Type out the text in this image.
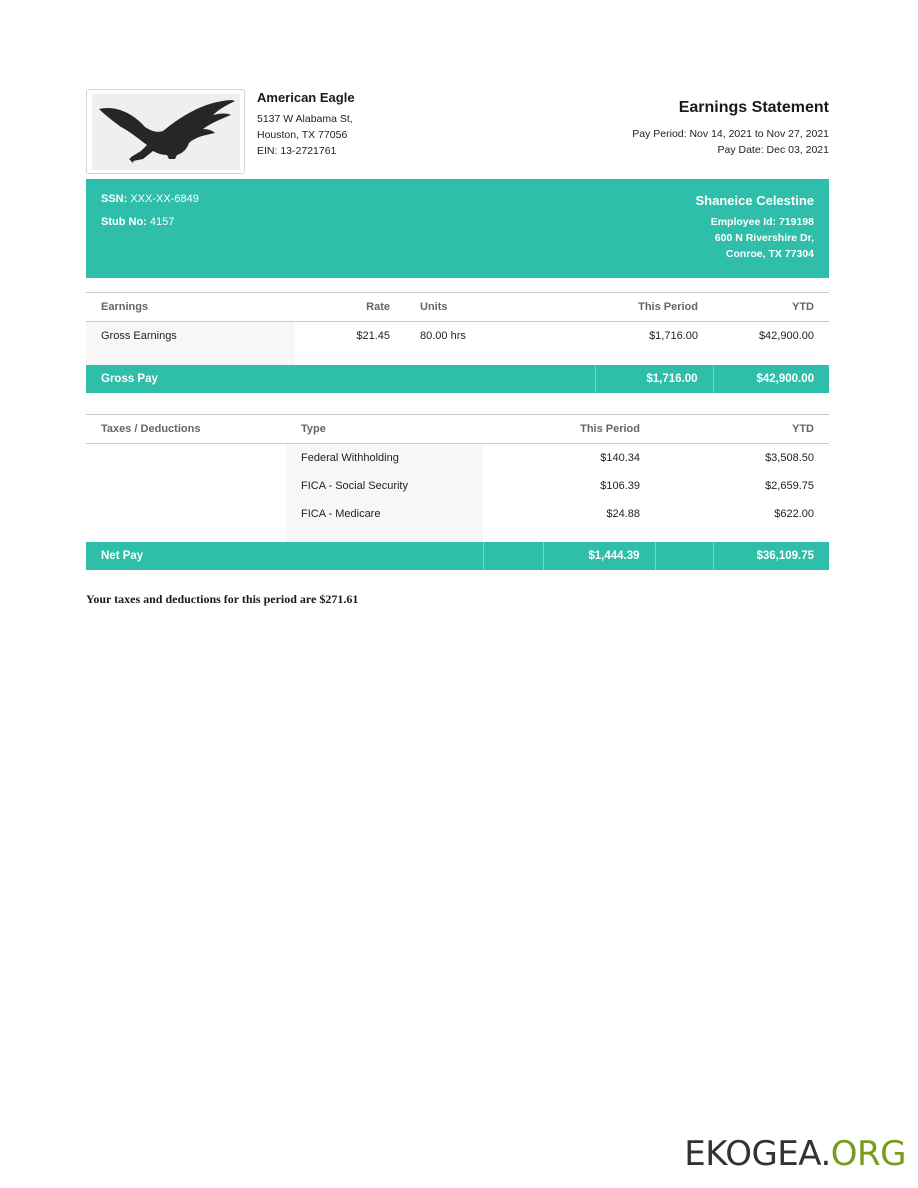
American Eagle
5137 W Alabama St,
Houston, TX 77056
EIN: 13-2721761
Earnings Statement
Pay Period: Nov 14, 2021 to Nov 27, 2021
Pay Date: Dec 03, 2021
SSN: XXX-XX-6849
Stub No: 4157
Shaneice Celestine
Employee Id: 719198
600 N Rivershire Dr,
Conroe, TX 77304
Earnings	Rate	Units	This Period	YTD
Gross Earnings	$21.45	80.00 hrs	$1,716.00	$42,900.00

Gross Pay			$1,716.00	$42,900.00
Taxes / Deductions	Type	This Period		YTD	
	Federal Withholding	$140.34		$3,508.50	
	FICA - Social Security	$106.39		$2,659.75	
	FICA - Medicare	$24.88		$622.00	

Net Pay			$1,444.39		$36,109.75
Your taxes and deductions for this period are $271.61
EKOGEA.ORG
